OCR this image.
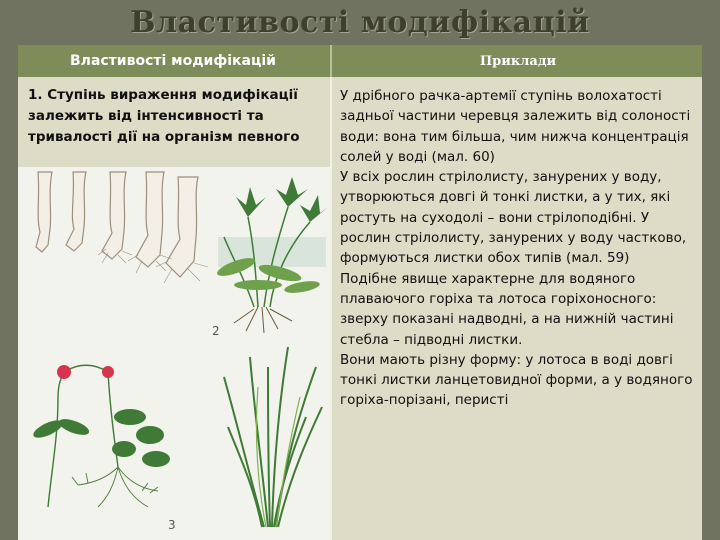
Властивості модифікацій
Властивості модифікацій	Приклади
1. Ступінь вираження модифікації залежить від інтенсивності та тривалості дії на організм певного
У дрібного рачка-артемії ступінь волохатості задньої частини черевця залежить від солоності води: вона тим більша, чим нижча концентрація солей у воді (мал. 60)
У всіх рослин стрілолисту, занурених у воду, утворюються довгі й тонкі листки, а у тих, які ростуть на суходолі – вони стрілоподібні. У рослин стрілолисту, занурених у воду частково, формуються листки обох типів (мал. 59)
Подібне явище характерне для водяного плаваючого горіха та лотоса горіхоносного: зверху показані надводні, а на нижній частині стебла – підводні листки.
Вони мають різну форму: у лотоса в воді довгі тонкі листки ланцетовидної форми, а у водяного горіха-порізані, перисті
2
3
